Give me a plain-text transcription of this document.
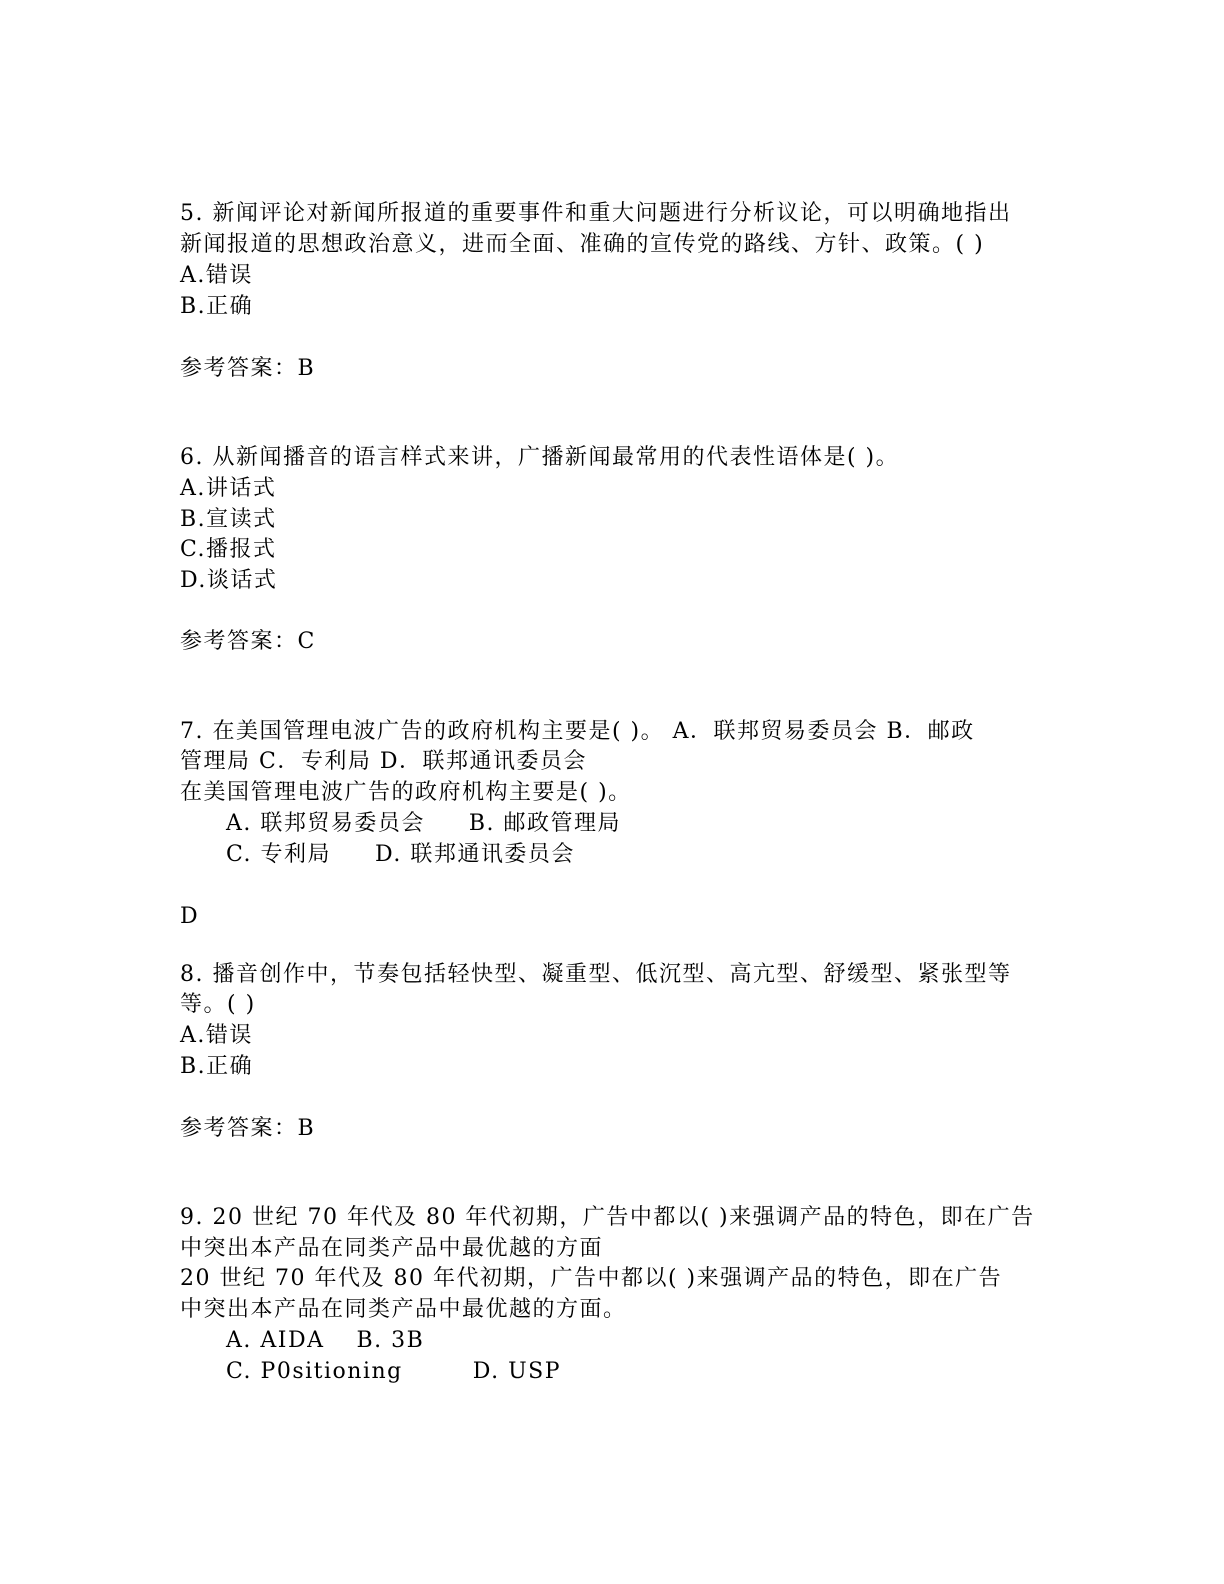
5. 新闻评论对新闻所报道的重要事件和重大问题进行分析议论，可以明确地指出
新闻报道的思想政治意义，进而全面、准确的宣传党的路线、方针、政策。( )
A.错误
B.正确
参考答案：B
6. 从新闻播音的语言样式来讲，广播新闻最常用的代表性语体是( )。
A.讲话式
B.宣读式
C.播报式
D.谈话式
参考答案：C
7. 在美国管理电波广告的政府机构主要是( )。 A．联邦贸易委员会 B．邮政
管理局 C．专利局 D．联邦通讯委员会
在美国管理电波广告的政府机构主要是( )。
A. 联邦贸易委员会 B. 邮政管理局
C. 专利局 D. 联邦通讯委员会
D
8. 播音创作中，节奏包括轻快型、凝重型、低沉型、高亢型、舒缓型、紧张型等
等。( )
A.错误
B.正确
参考答案：B
9. 20 世纪 70 年代及 80 年代初期，广告中都以( )来强调产品的特色，即在广告
中突出本产品在同类产品中最优越的方面
20 世纪 70 年代及 80 年代初期，广告中都以( )来强调产品的特色，即在广告
中突出本产品在同类产品中最优越的方面。
A. AIDA B. 3B
C. P0sitioning	D. USP
